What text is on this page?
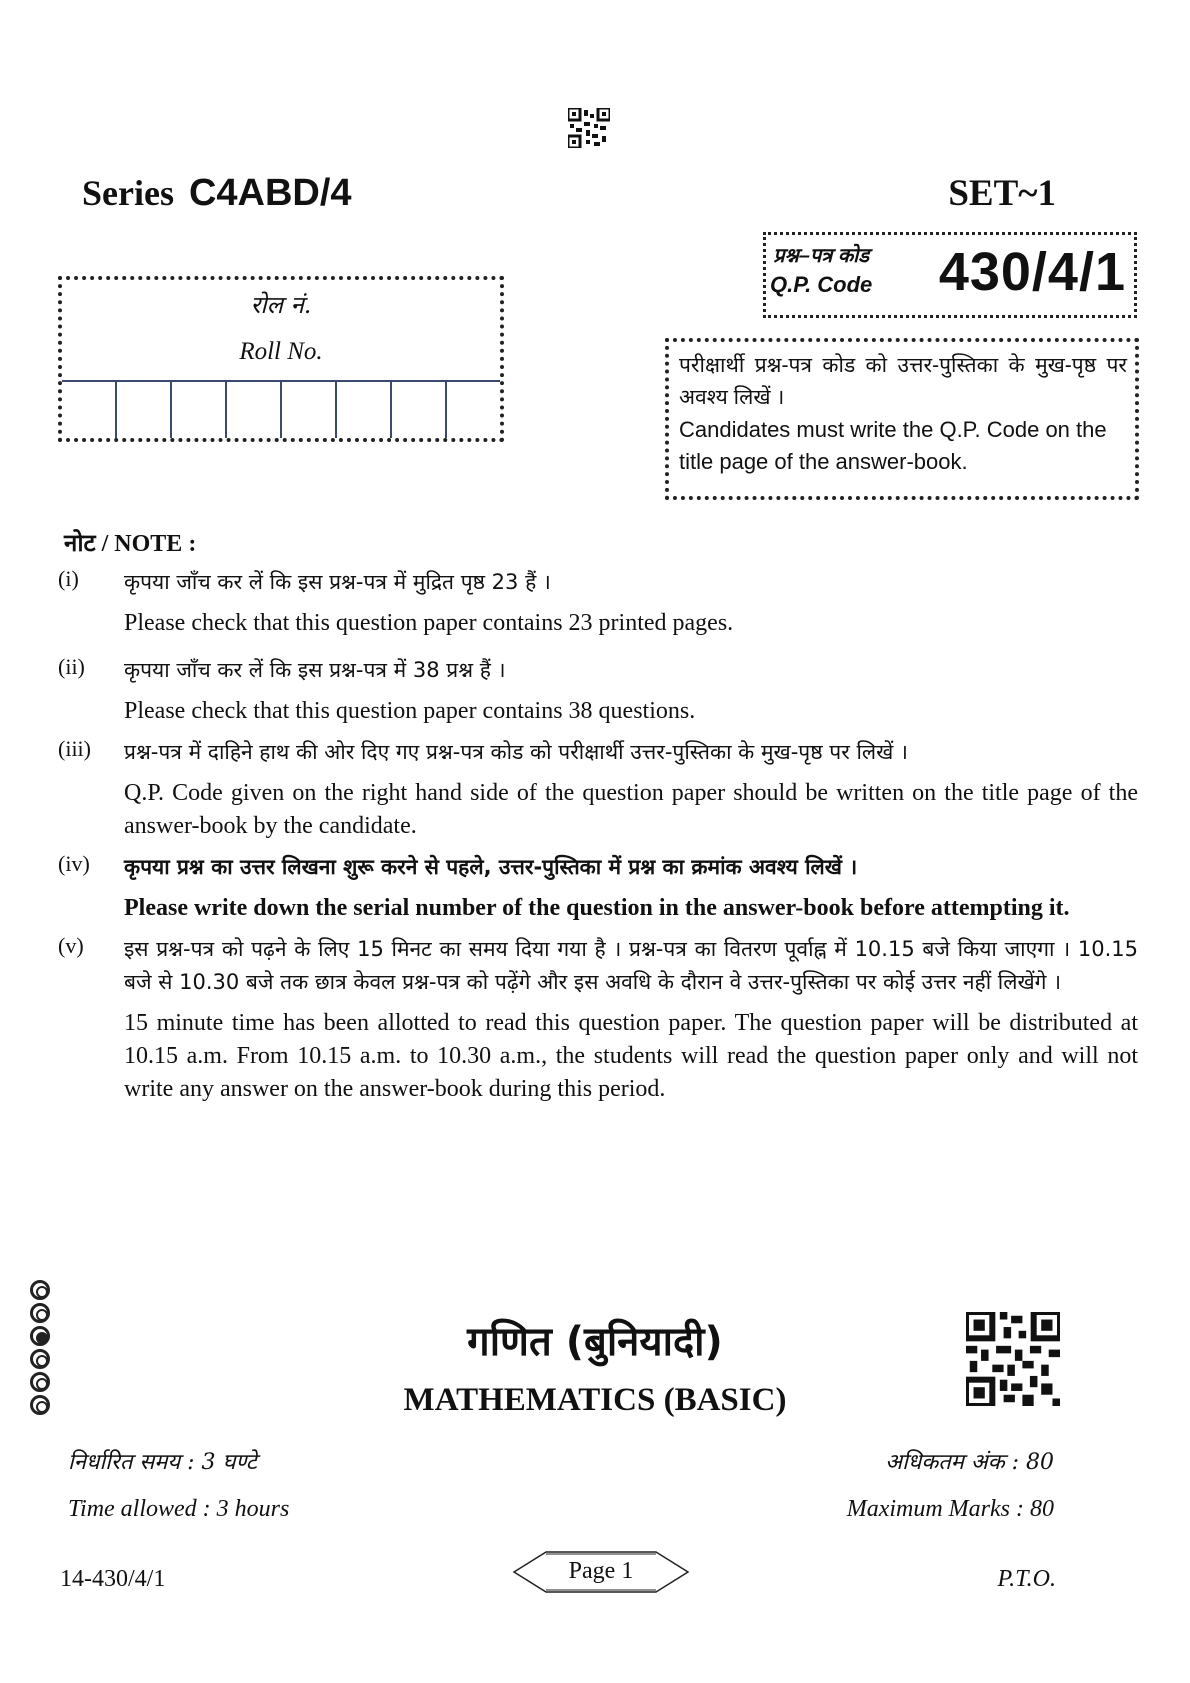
Series C4ABD/4	SET~1
प्रश्न–पत्र कोड
Q.P. Code 430/4/1
रोल नं.
Roll No.

परीक्षार्थी प्रश्न-पत्र कोड को उत्तर-पुस्तिका के मुख-पृष्ठ पर अवश्य लिखें ।

Candidates must write the Q.P. Code on the title page of the answer-book.

नोट / NOTE :
(i) कृपया जाँच कर लें कि इस प्रश्न-पत्र में मुद्रित पृष्ठ 23 हैं ।

Please check that this question paper contains 23 printed pages.

(ii) कृपया जाँच कर लें कि इस प्रश्न-पत्र में 38 प्रश्न हैं ।

Please check that this question paper contains 38 questions.

(iii) प्रश्न-पत्र में दाहिने हाथ की ओर दिए गए प्रश्न-पत्र कोड को परीक्षार्थी उत्तर-पुस्तिका के मुख-पृष्ठ पर लिखें ।

Q.P. Code given on the right hand side of the question paper should be written on the title page of the answer-book by the candidate.

(iv) कृपया प्रश्न का उत्तर लिखना शुरू करने से पहले, उत्तर-पुस्तिका में प्रश्न का क्रमांक अवश्य लिखें ।

Please write down the serial number of the question in the answer-book before attempting it.

(v) इस प्रश्न-पत्र को पढ़ने के लिए 15 मिनट का समय दिया गया है । प्रश्न-पत्र का वितरण पूर्वाह्न में 10.15 बजे किया जाएगा । 10.15 बजे से 10.30 बजे तक छात्र केवल प्रश्न-पत्र को पढ़ेंगे और इस अवधि के दौरान वे उत्तर-पुस्तिका पर कोई उत्तर नहीं लिखेंगे ।

15 minute time has been allotted to read this question paper. The question paper will be distributed at 10.15 a.m. From 10.15 a.m. to 10.30 a.m., the students will read the question paper only and will not write any answer on the answer-book during this period.

गणित (बुनियादी)
MATHEMATICS (BASIC)
निर्धारित समय : 3 घण्टे
Time allowed : 3 hours
अधिकतम अंक : 80
Maximum Marks : 80
14-430/4/1	Page 1	P.T.O.
